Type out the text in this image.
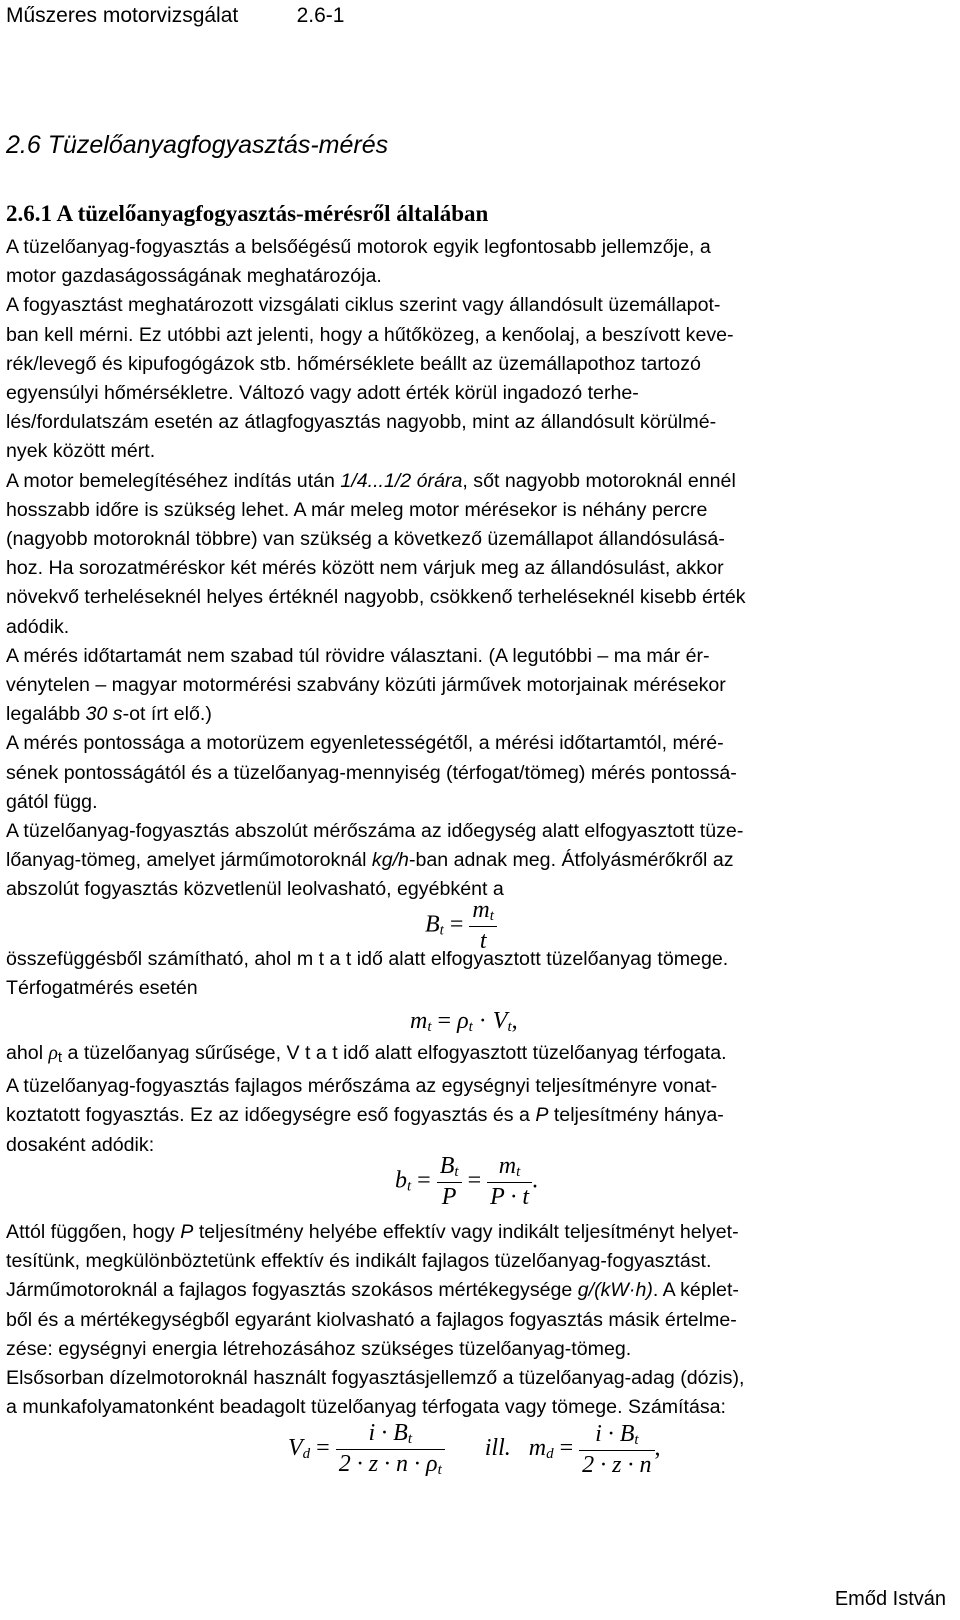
Műszeres motorvizsgálat	2.6-1
2.6 Tüzelőanyagfogyasztás-mérés
2.6.1 A tüzelőanyagfogyasztás-mérésről általában
A tüzelőanyag-fogyasztás a belsőégésű motorok egyik legfontosabb jellemzője, a
motor gazdaságosságának meghatározója.
A fogyasztást meghatározott vizsgálati ciklus szerint vagy állandósult üzemállapot-
ban kell mérni. Ez utóbbi azt jelenti, hogy a hűtőközeg, a kenőolaj, a beszívott keve-
rék/levegő és kipufogógázok stb. hőmérséklete beállt az üzemállapothoz tartozó
egyensúlyi hőmérsékletre. Változó vagy adott érték körül ingadozó terhe-
lés/fordulatszám esetén az átlagfogyasztás nagyobb, mint az állandósult körülmé-
nyek között mért.
A motor bemelegítéséhez indítás után 1/4...1/2 órára, sőt nagyobb motoroknál ennél
hosszabb időre is szükség lehet. A már meleg motor mérésekor is néhány percre
(nagyobb motoroknál többre) van szükség a következő üzemállapot állandósulásá-
hoz. Ha sorozatméréskor két mérés között nem várjuk meg az állandósulást, akkor
növekvő terheléseknél helyes értéknél nagyobb, csökkenő terheléseknél kisebb érték
adódik.
A mérés időtartamát nem szabad túl rövidre választani. (A legutóbbi – ma már ér-
vénytelen – magyar motormérési szabvány közúti járművek motorjainak mérésekor
legalább 30 s-ot írt elő.)
A mérés pontossága a motorüzem egyenletességétől, a mérési időtartamtól, méré-
sének pontosságától és a tüzelőanyag-mennyiség (térfogat/tömeg) mérés pontossá-
gától függ.
A tüzelőanyag-fogyasztás abszolút mérőszáma az időegység alatt elfogyasztott tüze-
lőanyag-tömeg, amelyet járműmotoroknál kg/h-ban adnak meg. Átfolyásmérőkről az
abszolút fogyasztás közvetlenül leolvasható, egyébként a
$B_t = \frac{m_t}{t}$
összefüggésből számítható, ahol m t a t idő alatt elfogyasztott tüzelőanyag tömege.
Térfogatmérés esetén
$m_t = \rho_t \cdot V_t$,
ahol $\rho_t$ a tüzelőanyag sűrűsége, V t a t idő alatt elfogyasztott tüzelőanyag térfogata.
A tüzelőanyag-fogyasztás fajlagos mérőszáma az egységnyi teljesítményre vonat-
koztatott fogyasztás. Ez az időegységre eső fogyasztás és a P teljesítmény hánya-
dosaként adódik:
$b_t = \frac{B_t}{P} = \frac{m_t}{P \cdot t}$ .
Attól függően, hogy P teljesítmény helyébe effektív vagy indikált teljesítményt helyet-
tesítünk, megkülönböztetünk effektív és indikált fajlagos tüzelőanyag-fogyasztást.
Járműmotoroknál a fajlagos fogyasztás szokásos mértékegysége g/(kW·h). A képlet-
ből és a mértékegységből egyaránt kiolvasható a fajlagos fogyasztás másik értelme-
zése: egységnyi energia létrehozásához szükséges tüzelőanyag-tömeg.
Elsősorban dízelmotoroknál használt fogyasztásjellemző a tüzelőanyag-adag (dózis),
a munkafolyamatonként beadagolt tüzelőanyag térfogata vagy tömege. Számítása:
$V_d = \frac{i \cdot B_t}{2 \cdot z \cdot n \cdot \rho_t}$ ill. $m_d = \frac{i \cdot B_t}{2 \cdot z \cdot n}$ ,
Emőd István
